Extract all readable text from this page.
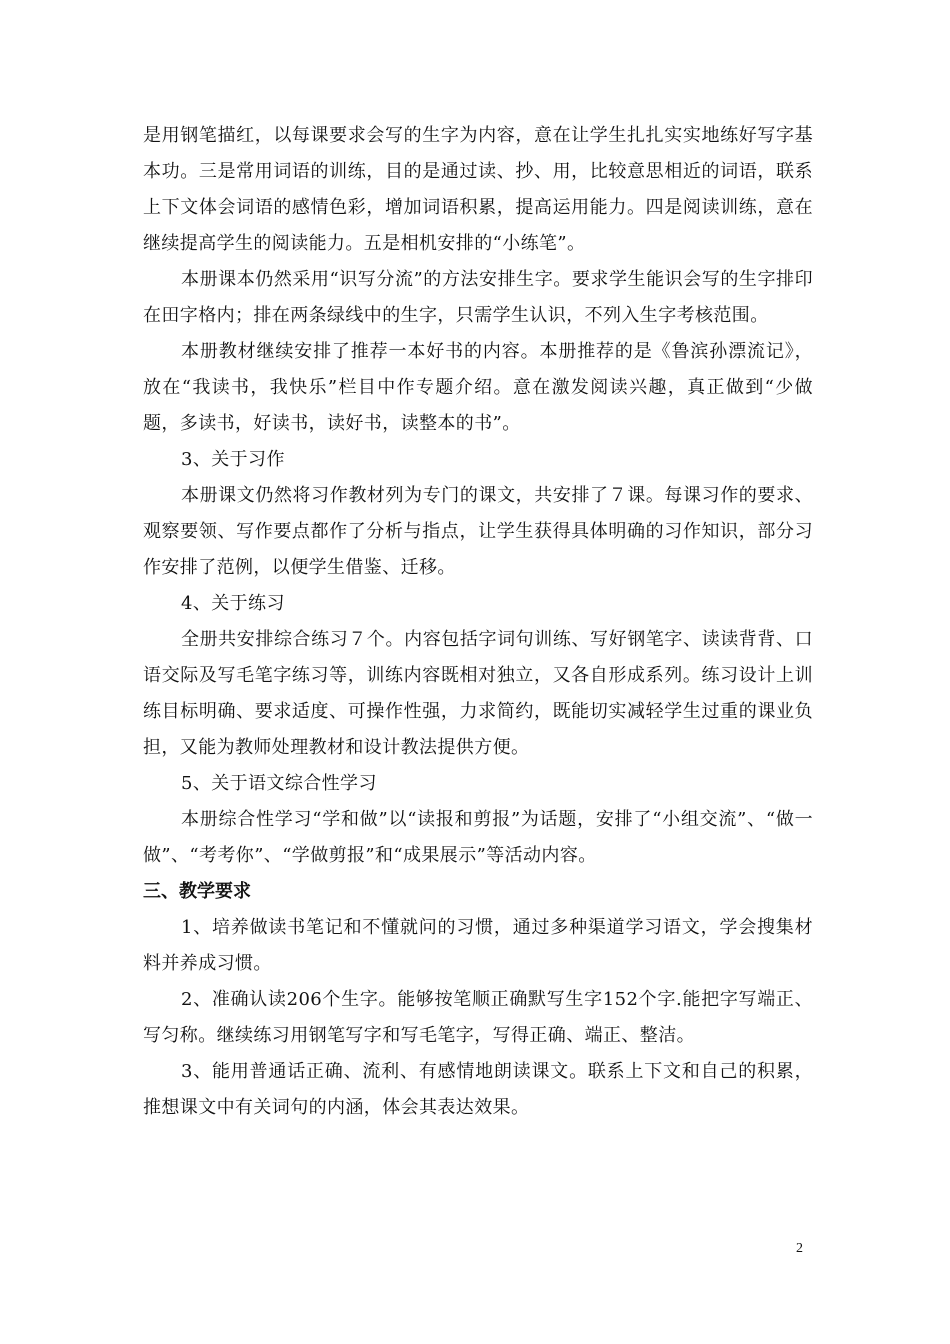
是用钢笔描红，以每课要求会写的生字为内容，意在让学生扎扎实实地练好写字基本功。三是常用词语的训练，目的是通过读、抄、用，比较意思相近的词语，联系上下文体会词语的感情色彩，增加词语积累，提高运用能力。四是阅读训练，意在继续提高学生的阅读能力。五是相机安排的“小练笔”。

本册课本仍然采用“识写分流”的方法安排生字。要求学生能识会写的生字排印在田字格内；排在两条绿线中的生字，只需学生认识，不列入生字考核范围。

本册教材继续安排了推荐一本好书的内容。本册推荐的是《鲁滨孙漂流记》，放在“我读书，我快乐”栏目中作专题介绍。意在激发阅读兴趣，真正做到“少做题，多读书，好读书，读好书，读整本的书”。

3、关于习作

本册课文仍然将习作教材列为专门的课文，共安排了７课。每课习作的要求、观察要领、写作要点都作了分析与指点，让学生获得具体明确的习作知识，部分习作安排了范例，以便学生借鉴、迁移。

4、关于练习

全册共安排综合练习７个。内容包括字词句训练、写好钢笔字、读读背背、口语交际及写毛笔字练习等，训练内容既相对独立，又各自形成系列。练习设计上训练目标明确、要求适度、可操作性强，力求简约，既能切实减轻学生过重的课业负担，又能为教师处理教材和设计教法提供方便。

5、关于语文综合性学习

本册综合性学习“学和做”以“读报和剪报”为话题，安排了“小组交流”、“做一做”、“考考你”、“学做剪报”和“成果展示”等活动内容。

三、教学要求

1、培养做读书笔记和不懂就问的习惯，通过多种渠道学习语文，学会搜集材料并养成习惯。

2、准确认读206个生字。能够按笔顺正确默写生字152个字.能把字写端正、写匀称。继续练习用钢笔写字和写毛笔字，写得正确、端正、整洁。

3、能用普通话正确、流利、有感情地朗读课文。联系上下文和自己的积累，推想课文中有关词句的内涵，体会其表达效果。

2
